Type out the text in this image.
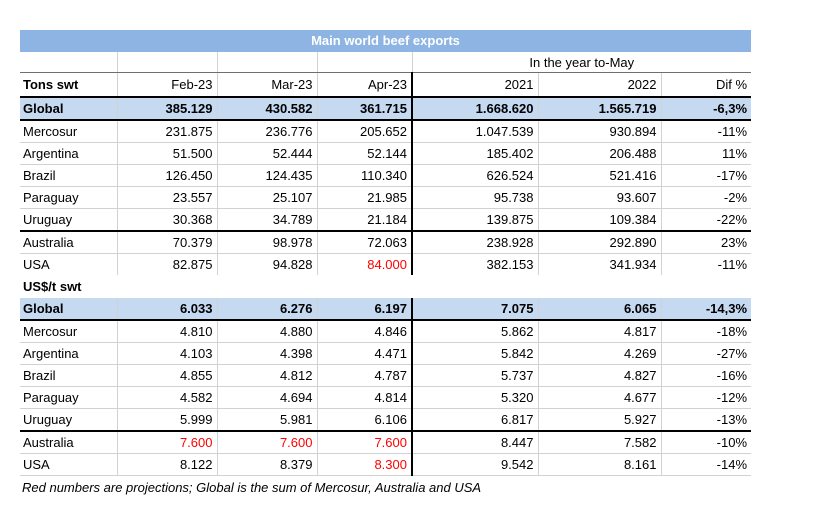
Main world beef exports
				In the year to-May		
Tons swt	Feb-23	Mar-23	Apr-23	2021	2022	Dif %
Global	385.129	430.582	361.715	1.668.620	1.565.719	-6,3%
Mercosur	231.875	236.776	205.652	1.047.539	930.894	-11%
Argentina	51.500	52.444	52.144	185.402	206.488	11%
Brazil	126.450	124.435	110.340	626.524	521.416	-17%
Paraguay	23.557	25.107	21.985	95.738	93.607	-2%
Uruguay	30.368	34.789	21.184	139.875	109.384	-22%
Australia	70.379	98.978	72.063	238.928	292.890	23%
USA	82.875	94.828	84.000	382.153	341.934	-11%
US$/t swt						
Global	6.033	6.276	6.197	7.075	6.065	-14,3%
Mercosur	4.810	4.880	4.846	5.862	4.817	-18%
Argentina	4.103	4.398	4.471	5.842	4.269	-27%
Brazil	4.855	4.812	4.787	5.737	4.827	-16%
Paraguay	4.582	4.694	4.814	5.320	4.677	-12%
Uruguay	5.999	5.981	6.106	6.817	5.927	-13%
Australia	7.600	7.600	7.600	8.447	7.582	-10%
USA	8.122	8.379	8.300	9.542	8.161	-14%
Red numbers are projections; Global is the sum of Mercosur, Australia and USA
